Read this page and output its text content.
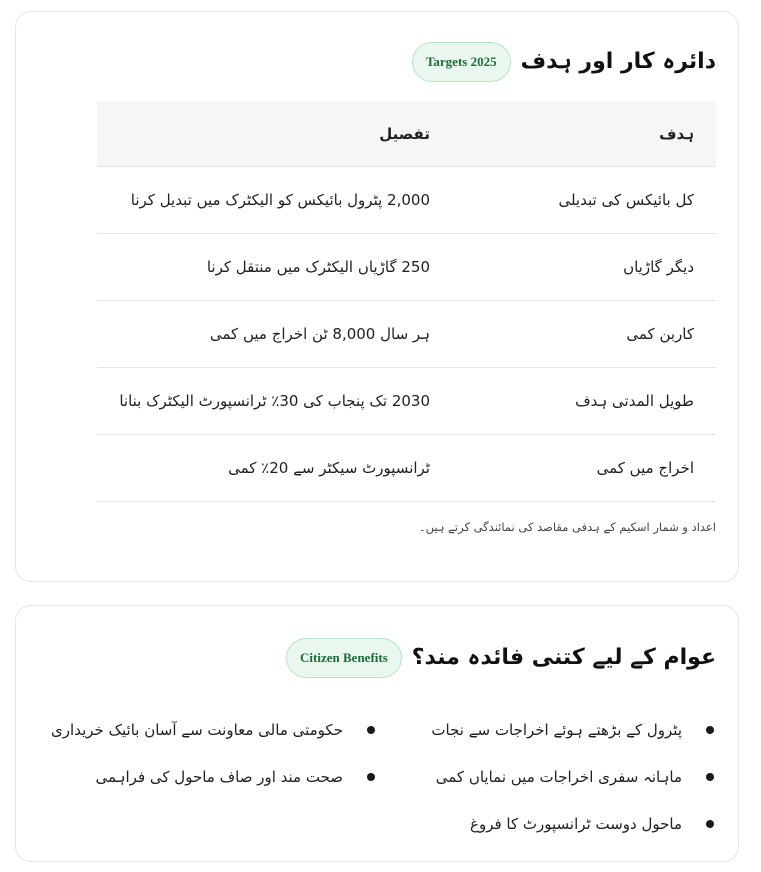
دائرہ کار اور ہدف
Targets 2025
ہدف	تفصیل
کل بائیکس کی تبدیلی	2,000 پٹرول بائیکس کو الیکٹرک میں تبدیل کرنا
دیگر گاڑیاں	250 گاڑیاں الیکٹرک میں منتقل کرنا
کاربن کمی	ہر سال 8,000 ٹن اخراج میں کمی
طویل المدتی ہدف	2030 تک پنجاب کی 30٪ ٹرانسپورٹ الیکٹرک بنانا
اخراج میں کمی	ٹرانسپورٹ سیکٹر سے 20٪ کمی

اعداد و شمار اسکیم کے ہدفی مقاصد کی نمائندگی کرتے ہیں۔

عوام کے لیے کتنی فائدہ مند؟
Citizen Benefits
پٹرول کے بڑھتے ہوئے اخراجات سے نجات
ماہانہ سفری اخراجات میں نمایاں کمی
ماحول دوست ٹرانسپورٹ کا فروغ
حکومتی مالی معاونت سے آسان بائیک خریداری
صحت مند اور صاف ماحول کی فراہمی
